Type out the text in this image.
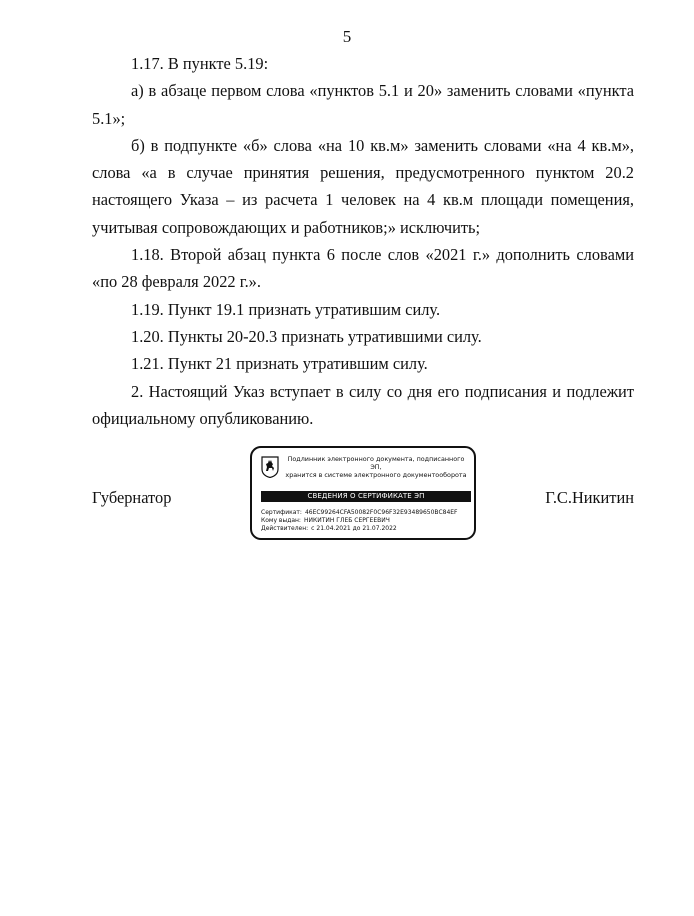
5

1.17. В пункте 5.19:

а) в абзаце первом слова «пунктов 5.1 и 20» заменить словами «пункта 5.1»;

б) в подпункте «б» слова «на 10 кв.м» заменить словами «на 4 кв.м», слова «а в случае принятия решения, предусмотренного пунктом 20.2 настоящего Указа – из расчета 1 человек на 4 кв.м площади помещения, учитывая сопровождающих и работников;» исключить;

1.18. Второй абзац пункта 6 после слов «2021 г.» дополнить словами «по 28 февраля 2022 г.».

1.19. Пункт 19.1 признать утратившим силу.

1.20. Пункты 20-20.3 признать утратившими силу.

1.21. Пункт 21 признать утратившим силу.

2. Настоящий Указ вступает в силу со дня его подписания и подлежит официальному опубликованию.

Губернатор	Г.С.Никитин
Подлинник электронного документа, подписанного ЭП,
хранится в системе электронного документооборота
СВЕДЕНИЯ О СЕРТИФИКАТЕ ЭП
Сертификат: 46EC99264CFA50082F0C96F32E93489650BC84EF
Кому выдан: НИКИТИН ГЛЕБ СЕРГЕЕВИЧ
Действителен: с 21.04.2021 до 21.07.2022
